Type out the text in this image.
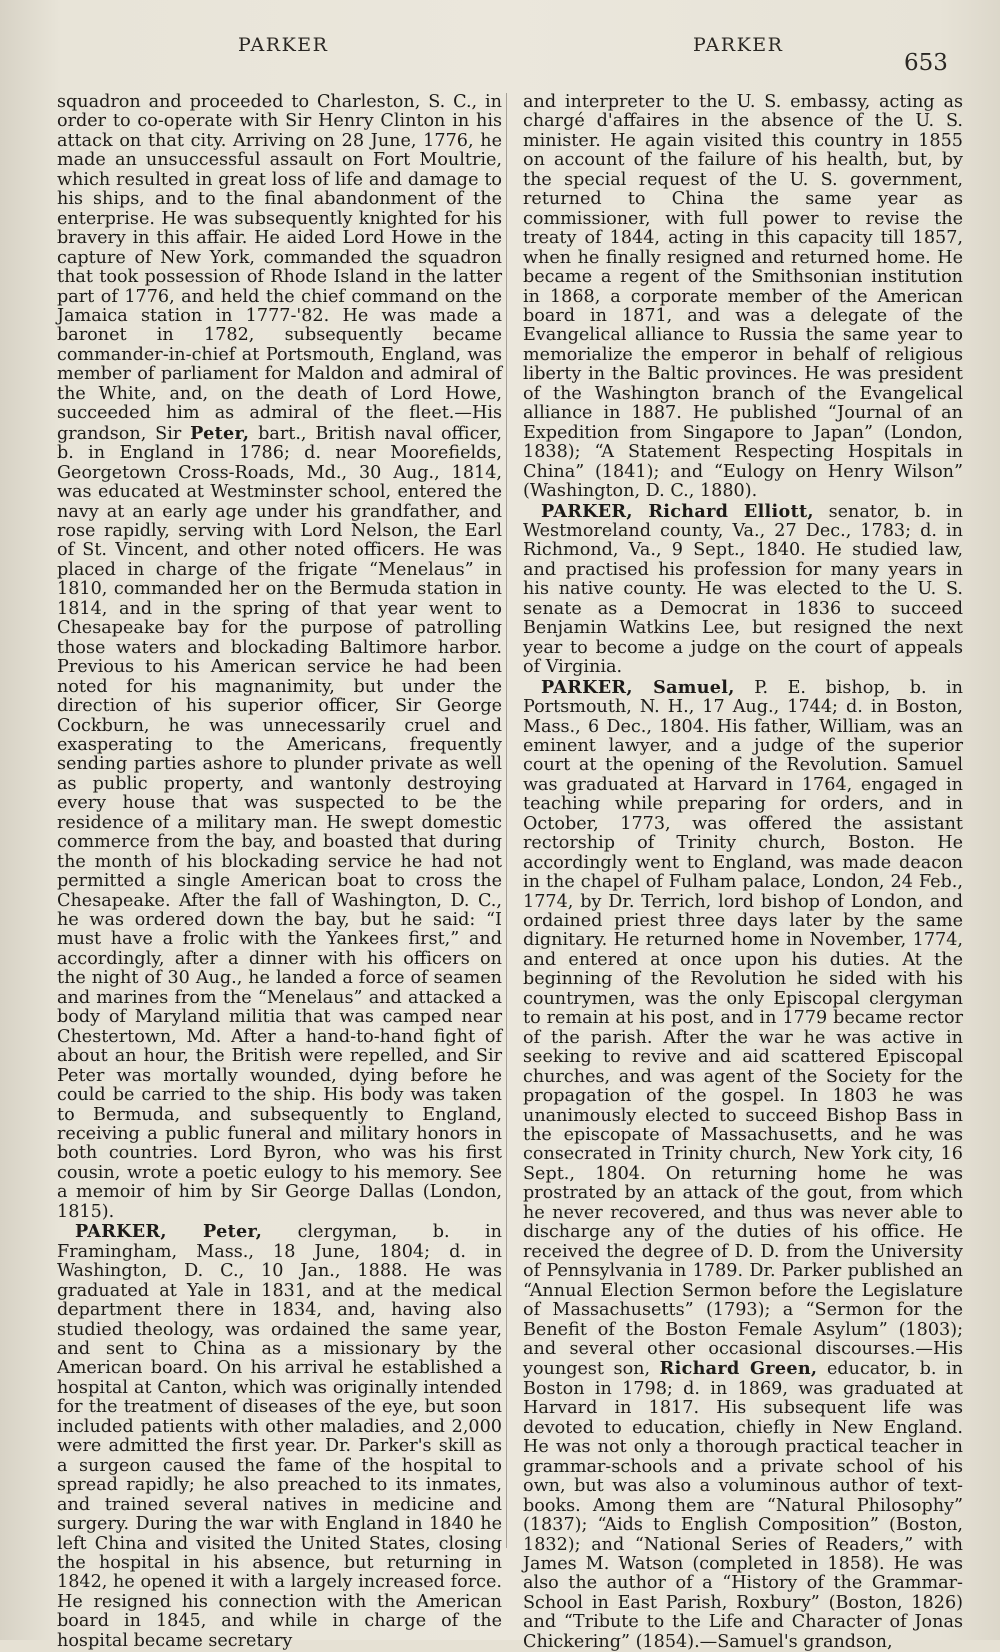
PARKER	PARKER
653

squadron and proceeded to Charleston, S. C., in order to co-operate with Sir Henry Clinton in his attack on that city. Arriving on 28 June, 1776, he made an unsuccessful assault on Fort Moultrie, which resulted in great loss of life and damage to his ships, and to the final abandonment of the enterprise. He was subsequently knighted for his bravery in this affair. He aided Lord Howe in the capture of New York, commanded the squadron that took possession of Rhode Island in the latter part of 1776, and held the chief command on the Jamaica station in 1777-'82. He was made a baronet in 1782, subsequently became commander-in-chief at Portsmouth, England, was member of parliament for Maldon and admiral of the White, and, on the death of Lord Howe, succeeded him as admiral of the fleet.—His grandson, Sir Peter, bart., British naval officer, b. in England in 1786; d. near Moorefields, Georgetown Cross-Roads, Md., 30 Aug., 1814, was educated at Westminster school, entered the navy at an early age under his grandfather, and rose rapidly, serving with Lord Nelson, the Earl of St. Vincent, and other noted officers. He was placed in charge of the frigate “Menelaus” in 1810, commanded her on the Bermuda station in 1814, and in the spring of that year went to Chesapeake bay for the purpose of patrolling those waters and blockading Baltimore harbor. Previous to his American service he had been noted for his magnanimity, but under the direction of his superior officer, Sir George Cockburn, he was unnecessarily cruel and exasperating to the Americans, frequently sending parties ashore to plunder private as well as public property, and wantonly destroying every house that was suspected to be the residence of a military man. He swept domestic commerce from the bay, and boasted that during the month of his blockading service he had not permitted a single American boat to cross the Chesapeake. After the fall of Washington, D. C., he was ordered down the bay, but he said: “I must have a frolic with the Yankees first,” and accordingly, after a dinner with his officers on the night of 30 Aug., he landed a force of seamen and marines from the “Menelaus” and attacked a body of Maryland militia that was camped near Chestertown, Md. After a hand-to-hand fight of about an hour, the British were repelled, and Sir Peter was mortally wounded, dying before he could be carried to the ship. His body was taken to Bermuda, and subsequently to England, receiving a public funeral and military honors in both countries. Lord Byron, who was his first cousin, wrote a poetic eulogy to his memory. See a memoir of him by Sir George Dallas (London, 1815).

PARKER, Peter, clergyman, b. in Framingham, Mass., 18 June, 1804; d. in Washington, D. C., 10 Jan., 1888. He was graduated at Yale in 1831, and at the medical department there in 1834, and, having also studied theology, was ordained the same year, and sent to China as a missionary by the American board. On his arrival he established a hospital at Canton, which was originally intended for the treatment of diseases of the eye, but soon included patients with other maladies, and 2,000 were admitted the first year. Dr. Parker's skill as a surgeon caused the fame of the hospital to spread rapidly; he also preached to its inmates, and trained several natives in medicine and surgery. During the war with England in 1840 he left China and visited the United States, closing the hospital in his absence, but returning in 1842, he opened it with a largely increased force. He resigned his connection with the American board in 1845, and while in charge of the hospital became secretary

and interpreter to the U. S. embassy, acting as chargé d'affaires in the absence of the U. S. minister. He again visited this country in 1855 on account of the failure of his health, but, by the special request of the U. S. government, returned to China the same year as commissioner, with full power to revise the treaty of 1844, acting in this capacity till 1857, when he finally resigned and returned home. He became a regent of the Smithsonian institution in 1868, a corporate member of the American board in 1871, and was a delegate of the Evangelical alliance to Russia the same year to memorialize the emperor in behalf of religious liberty in the Baltic provinces. He was president of the Washington branch of the Evangelical alliance in 1887. He published “Journal of an Expedition from Singapore to Japan” (London, 1838); “A Statement Respecting Hospitals in China” (1841); and “Eulogy on Henry Wilson” (Washington, D. C., 1880).

PARKER, Richard Elliott, senator, b. in Westmoreland county, Va., 27 Dec., 1783; d. in Richmond, Va., 9 Sept., 1840. He studied law, and practised his profession for many years in his native county. He was elected to the U. S. senate as a Democrat in 1836 to succeed Benjamin Watkins Lee, but resigned the next year to become a judge on the court of appeals of Virginia.

PARKER, Samuel, P. E. bishop, b. in Portsmouth, N. H., 17 Aug., 1744; d. in Boston, Mass., 6 Dec., 1804. His father, William, was an eminent lawyer, and a judge of the superior court at the opening of the Revolution. Samuel was graduated at Harvard in 1764, engaged in teaching while preparing for orders, and in October, 1773, was offered the assistant rectorship of Trinity church, Boston. He accordingly went to England, was made deacon in the chapel of Fulham palace, London, 24 Feb., 1774, by Dr. Terrich, lord bishop of London, and ordained priest three days later by the same dignitary. He returned home in November, 1774, and entered at once upon his duties. At the beginning of the Revolution he sided with his countrymen, was the only Episcopal clergyman to remain at his post, and in 1779 became rector of the parish. After the war he was active in seeking to revive and aid scattered Episcopal churches, and was agent of the Society for the propagation of the gospel. In 1803 he was unanimously elected to succeed Bishop Bass in the episcopate of Massachusetts, and he was consecrated in Trinity church, New York city, 16 Sept., 1804. On returning home he was prostrated by an attack of the gout, from which he never recovered, and thus was never able to discharge any of the duties of his office. He received the degree of D. D. from the University of Pennsylvania in 1789. Dr. Parker published an “Annual Election Sermon before the Legislature of Massachusetts” (1793); a “Sermon for the Benefit of the Boston Female Asylum” (1803); and several other occasional discourses.—His youngest son, Richard Green, educator, b. in Boston in 1798; d. in 1869, was graduated at Harvard in 1817. His subsequent life was devoted to education, chiefly in New England. He was not only a thorough practical teacher in grammar-schools and a private school of his own, but was also a voluminous author of text-books. Among them are “Natural Philosophy” (1837); “Aids to English Composition” (Boston, 1832); and “National Series of Readers,” with James M. Watson (completed in 1858). He was also the author of a “History of the Grammar-School in East Parish, Roxbury” (Boston, 1826) and “Tribute to the Life and Character of Jonas Chickering” (1854).—Samuel's grandson,
